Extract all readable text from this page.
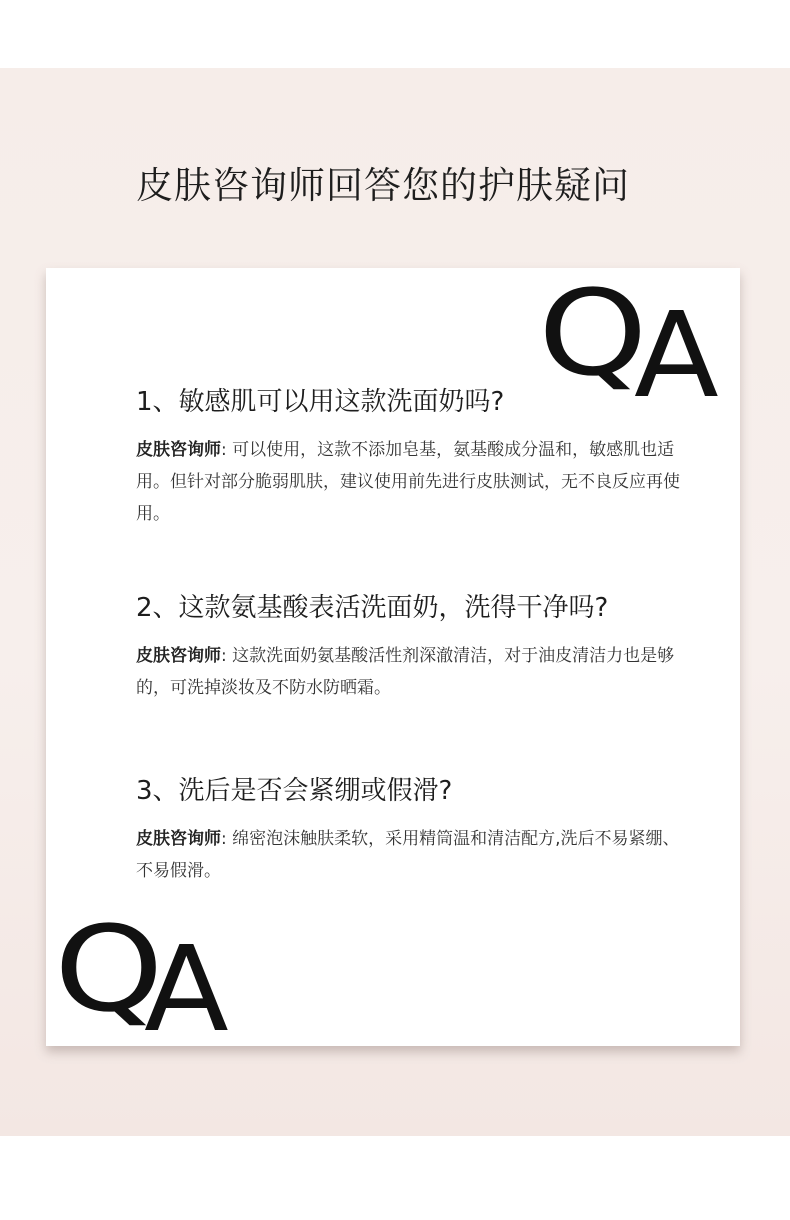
皮肤咨询师回答您的护肤疑问
Q
A

1、敏感肌可以用这款洗面奶吗?

皮肤咨询师: 可以使用，这款不添加皂基，氨基酸成分温和，敏感肌也适用。但针对部分脆弱肌肤，建议使用前先进行皮肤测试，无不良反应再使用。

2、这款氨基酸表活洗面奶，洗得干净吗?

皮肤咨询师: 这款洗面奶氨基酸活性剂深澈清洁，对于油皮清洁力也是够的，可洗掉淡妆及不防水防晒霜。

3、洗后是否会紧绷或假滑?

皮肤咨询师: 绵密泡沫触肤柔软，采用精筒温和清洁配方,洗后不易紧绷、不易假滑。

Q
A
